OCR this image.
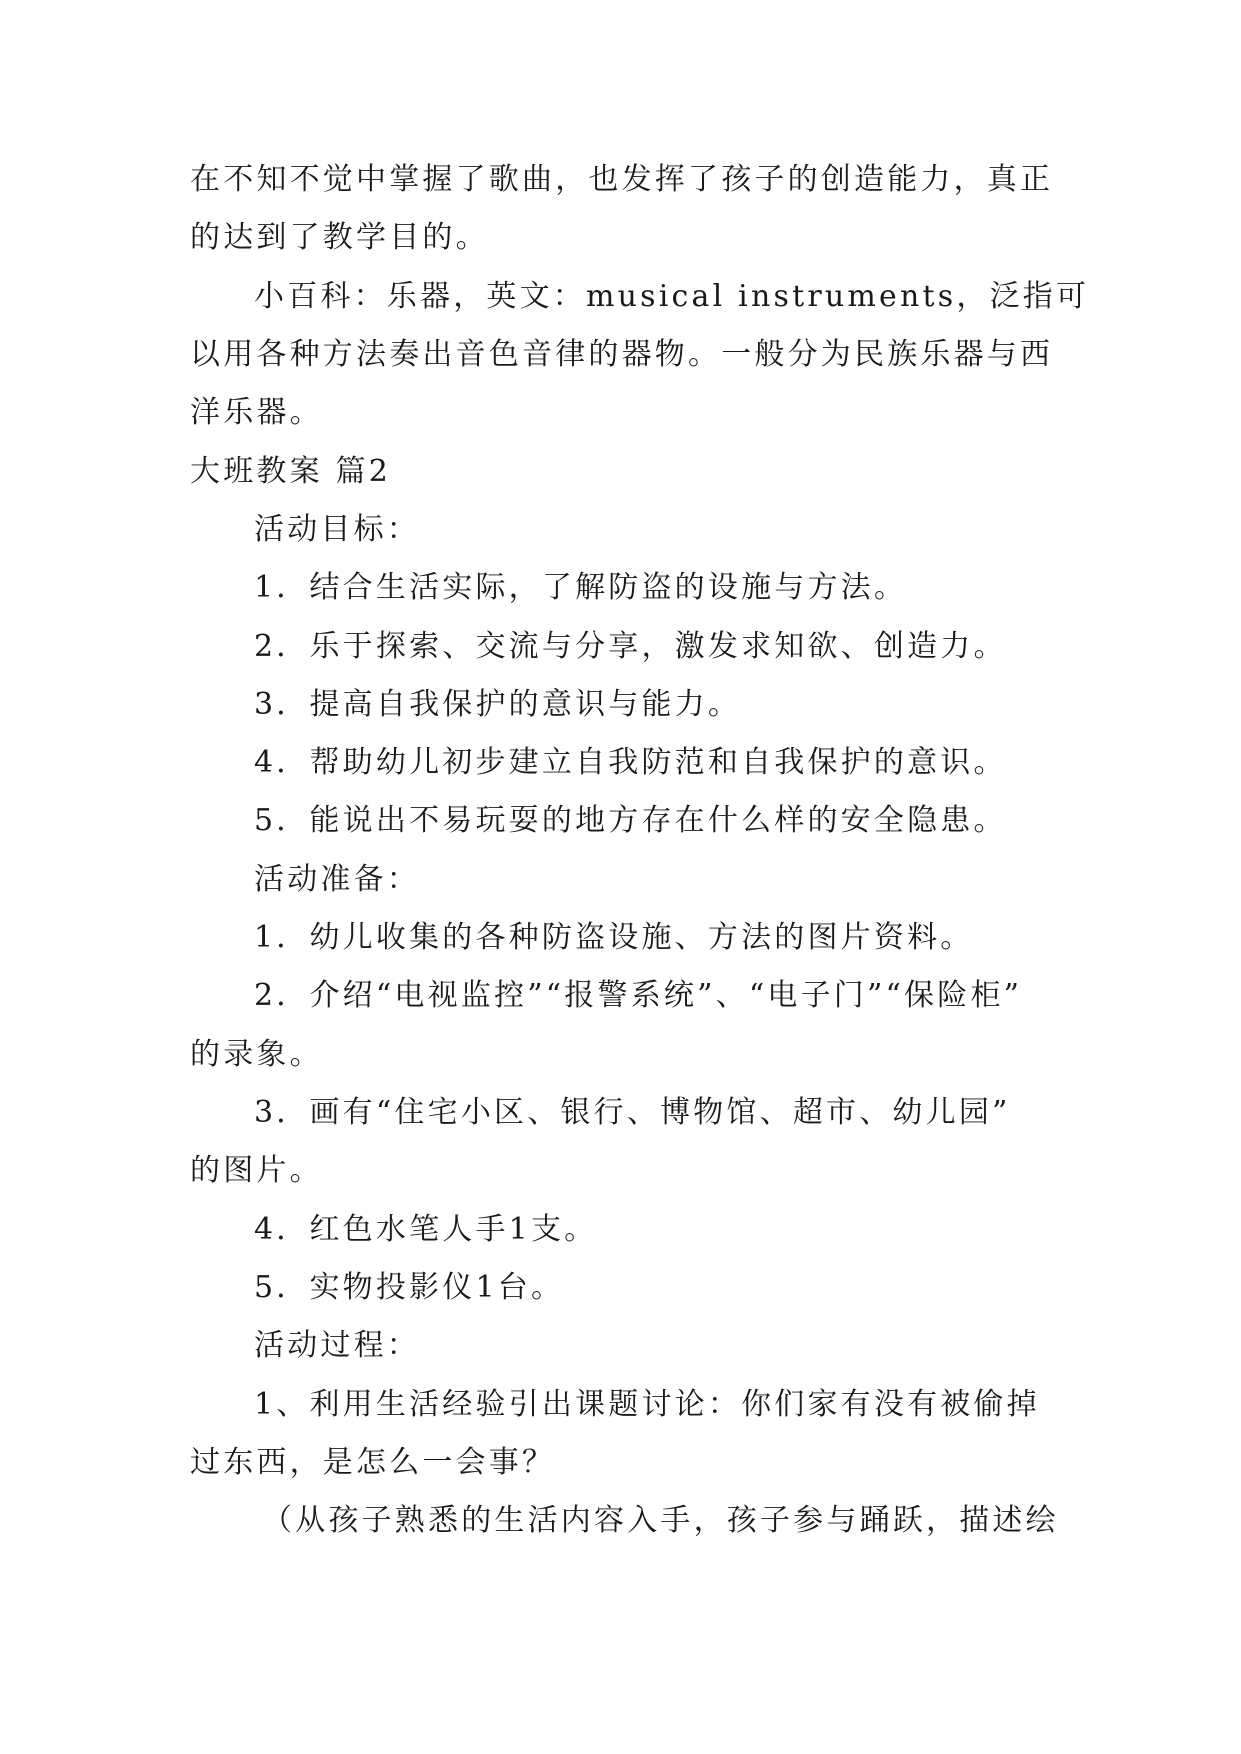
在不知不觉中掌握了歌曲，也发挥了孩子的创造能力，真正
的达到了教学目的。
小百科：乐器，英文：musical instruments，泛指可
以用各种方法奏出音色音律的器物。一般分为民族乐器与西
洋乐器。
大班教案 篇2
活动目标：
1．结合生活实际，了解防盗的设施与方法。
2．乐于探索、交流与分享，激发求知欲、创造力。
3．提高自我保护的意识与能力。
4．帮助幼儿初步建立自我防范和自我保护的意识。
5．能说出不易玩耍的地方存在什么样的安全隐患。
活动准备：
1．幼儿收集的各种防盗设施、方法的图片资料。
2．介绍“电视监控”“报警系统”、“电子门”“保险柜”
的录象。
3．画有“住宅小区、银行、博物馆、超市、幼儿园”
的图片。
4．红色水笔人手1支。
5．实物投影仪1台。
活动过程：
1、利用生活经验引出课题讨论：你们家有没有被偷掉
过东西，是怎么一会事？
（从孩子熟悉的生活内容入手，孩子参与踊跃，描述绘
